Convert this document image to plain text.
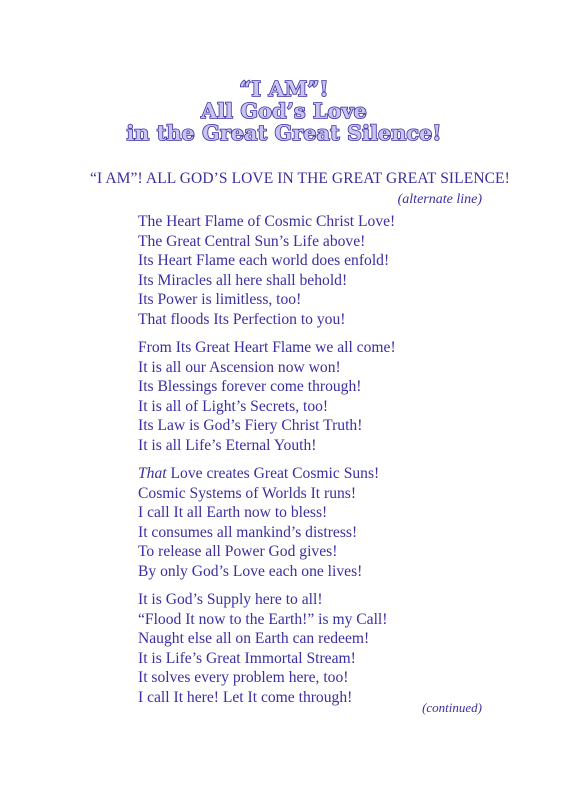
“I AM”!
All God’s Love
in the Great Great Silence!
“I AM”! ALL GOD’S LOVE IN THE GREAT GREAT SILENCE!
(alternate line)
The Heart Flame of Cosmic Christ Love!
The Great Central Sun’s Life above!
Its Heart Flame each world does enfold!
Its Miracles all here shall behold!
Its Power is limitless, too!
That floods Its Perfection to you!
From Its Great Heart Flame we all come!
It is all our Ascension now won!
Its Blessings forever come through!
It is all of Light’s Secrets, too!
Its Law is God’s Fiery Christ Truth!
It is all Life’s Eternal Youth!
That Love creates Great Cosmic Suns!
Cosmic Systems of Worlds It runs!
I call It all Earth now to bless!
It consumes all mankind’s distress!
To release all Power God gives!
By only God’s Love each one lives!
It is God’s Supply here to all!
“Flood It now to the Earth!” is my Call!
Naught else all on Earth can redeem!
It is Life’s Great Immortal Stream!
It solves every problem here, too!
I call It here! Let It come through!
(continued)
